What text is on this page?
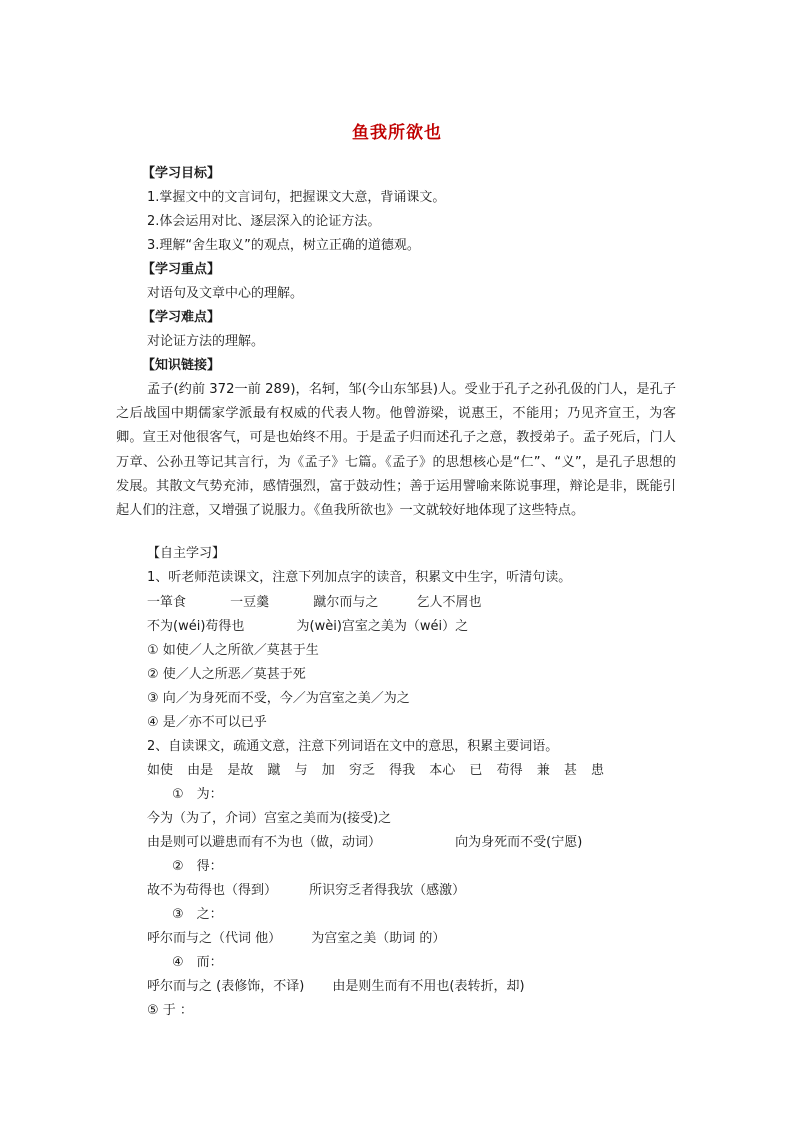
鱼我所欲也
【学习目标】
1.掌握文中的文言词句，把握课文大意，背诵课文。
2.体会运用对比、逐层深入的论证方法。
3.理解“舍生取义”的观点，树立正确的道德观。
【学习重点】
对语句及文章中心的理解。
【学习难点】
对论证方法的理解。
【知识链接】
孟子(约前 372一前 289)，名轲，邹(今山东邹县)人。受业于孔子之孙孔伋的门人，是孔子之后战国中期儒家学派最有权威的代表人物。他曾游梁，说惠王，不能用；乃见齐宣王，为客卿。宣王对他很客气，可是也始终不用。于是孟子归而述孔子之意，教授弟子。孟子死后，门人万章、公孙丑等记其言行，为《孟子》七篇。《孟子》的思想核心是“仁”、“义”，是孔子思想的发展。其散文气势充沛，感情强烈，富于鼓动性；善于运用譬喻来陈说事理，辩论是非，既能引起人们的注意，又增强了说服力。《鱼我所欲也》一文就较好地体现了这些特点。
【自主学习】
1、听老师范读课文，注意下列加点字的读音，积累文中生字，听清句读。
一箪食	一豆羹	蹴尔而与之	乞人不屑也
不为(wéi)苟得也	为(wèi)宫室之美为（wéi）之
① 如使／人之所欲／莫甚于生
② 使／人之所恶／莫甚于死
③ 向／为身死而不受，今／为宫室之美／为之
④ 是／亦不可以已乎
2、自读课文，疏通文意，注意下列词语在文中的意思，积累主要词语。
如使 由是 是故 蹴 与 加 穷乏 得我 本心 已 苟得 兼 甚 患
①　为：
今为（为了，介词）宫室之美而为(接受)之
由是则可以避患而有不为也（做，动词）	向为身死而不受(宁愿)
②　得：
故不为苟得也（得到） 所识穷乏者得我欤（感激）
③　之：
呼尔而与之（代词 他） 为宫室之美（助词 的）
④　而：
呼尔而与之 (表修饰，不译) 由是则生而有不用也(表转折，却)
⑤ 于 ：
